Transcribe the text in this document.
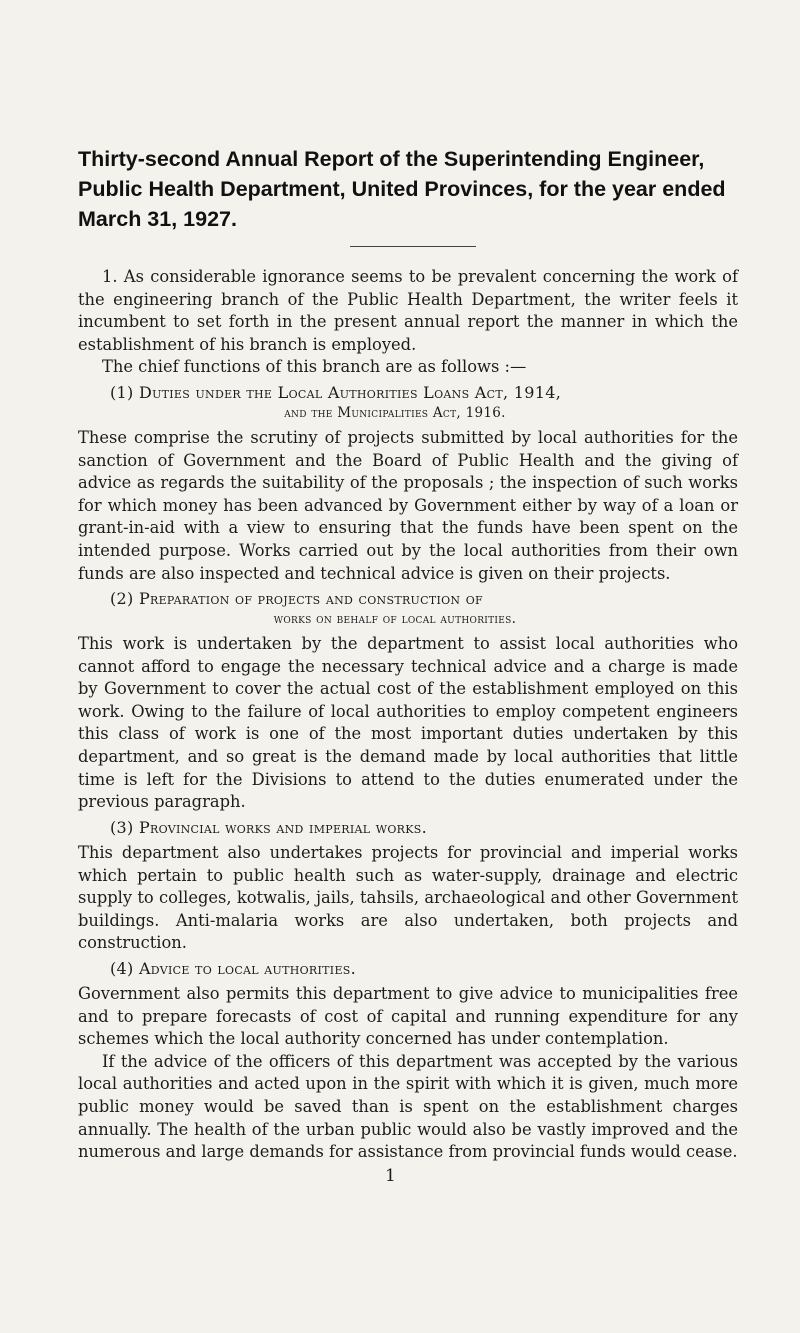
Thirty-second Annual Report of the Superintending Engineer, Public Health Department, United Provinces, for the year ended March 31, 1927.

1. As considerable ignorance seems to be prevalent concerning the work of the engineering branch of the Public Health Department, the writer feels it incumbent to set forth in the present annual report the manner in which the establishment of his branch is employed.

The chief functions of this branch are as follows :—

(1) Duties under the Local Authorities Loans Act, 1914,
and the Municipalities Act, 1916.

These comprise the scrutiny of projects submitted by local authorities for the sanction of Government and the Board of Public Health and the giving of advice as regards the suitability of the proposals ; the inspection of such works for which money has been advanced by Government either by way of a loan or grant-in-aid with a view to ensuring that the funds have been spent on the intended purpose. Works carried out by the local authorities from their own funds are also inspected and technical advice is given on their projects.

(2) Preparation of projects and construction of
works on behalf of local authorities.

This work is undertaken by the department to assist local authorities who cannot afford to engage the necessary technical advice and a charge is made by Government to cover the actual cost of the establishment employed on this work. Owing to the failure of local authorities to employ competent engineers this class of work is one of the most important duties undertaken by this department, and so great is the demand made by local authorities that little time is left for the Divisions to attend to the duties enumerated under the previous paragraph.

(3) Provincial works and imperial works.

This department also undertakes projects for provincial and imperial works which pertain to public health such as water-supply, drainage and electric supply to colleges, kotwalis, jails, tahsils, archaeological and other Government buildings. Anti-malaria works are also undertaken, both projects and construction.

(4) Advice to local authorities.

Government also permits this department to give advice to municipalities free and to prepare forecasts of cost of capital and running expenditure for any schemes which the local authority concerned has under contemplation.

If the advice of the officers of this department was accepted by the various local authorities and acted upon in the spirit with which it is given, much more public money would be saved than is spent on the establishment charges annually. The health of the urban public would also be vastly improved and the numerous and large demands for assistance from provincial funds would cease.

1
